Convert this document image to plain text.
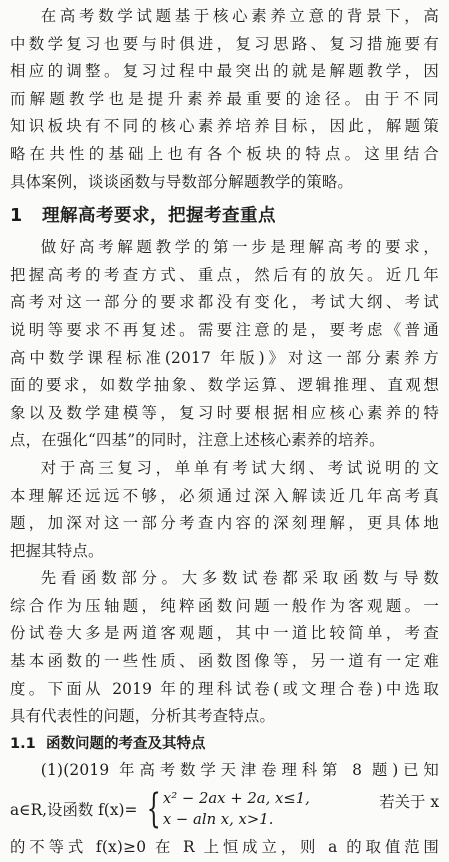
在高考数学试题基于核心素养立意的背景下，高

中数学复习也要与时俱进，复习思路、复习措施要有

相应的调整。复习过程中最突出的就是解题教学，因

而解题教学也是提升素养最重要的途径。由于不同

知识板块有不同的核心素养培养目标，因此，解题策

略在共性的基础上也有各个板块的特点。这里结合

具体案例，谈谈函数与导数部分解题教学的策略。

1 理解高考要求，把握考查重点

做好高考解题教学的第一步是理解高考的要求，

把握高考的考查方式、重点，然后有的放矢。近几年

高考对这一部分的要求都没有变化，考试大纲、考试

说明等要求不再复述。需要注意的是，要考虑《普通

高中数学课程标准(2017 年版)》对这一部分素养方

面的要求，如数学抽象、数学运算、逻辑推理、直观想

象以及数学建模等，复习时要根据相应核心素养的特

点，在强化“四基”的同时，注意上述核心素养的培养。

对于高三复习，单单有考试大纲、考试说明的文

本理解还远远不够，必须通过深入解读近几年高考真

题，加深对这一部分考查内容的深刻理解，更具体地

把握其特点。

先看函数部分。大多数试卷都采取函数与导数

综合作为压轴题，纯粹函数问题一般作为客观题。一

份试卷大多是两道客观题，其中一道比较简单，考查

基本函数的一些性质、函数图像等，另一道有一定难

度。下面从 2019 年的理科试卷(或文理合卷)中选取

具有代表性的问题，分析其考查特点。

1.1 函数问题的考查及其特点

(1)(2019 年高考数学天津卷理科第 8 题)已知

a∈R,设函数 f(x)= { x² − 2ax + 2a, x≤1,
x − aln x, x>1.
若关于 x

的不等式 f(x)≥0 在 R 上恒成立，则 a 的取值范围
